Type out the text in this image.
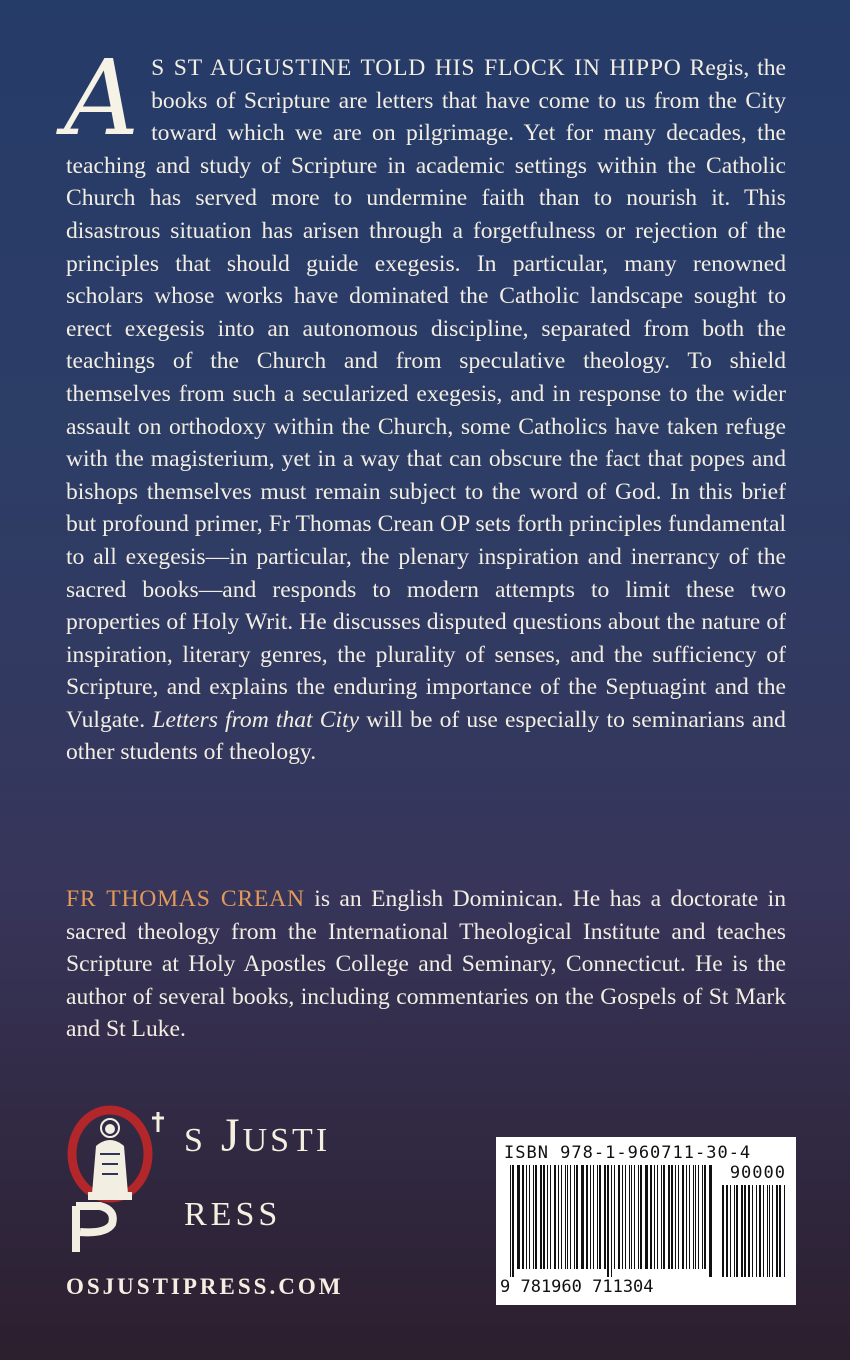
A S ST AUGUSTINE TOLD HIS FLOCK IN HIPPO Regis, the books of Scripture are letters that have come to us from the City toward which we are on pilgrimage. Yet for many decades, the teaching and study of Scripture in academic settings within the Catholic Church has served more to undermine faith than to nourish it. This disastrous situation has arisen through a forgetfulness or rejection of the principles that should guide exegesis. In particular, many renowned scholars whose works have dominated the Catholic landscape sought to erect exegesis into an autonomous discipline, separated from both the teachings of the Church and from speculative theology. To shield themselves from such a secularized exegesis, and in response to the wider assault on orthodoxy within the Church, some Catholics have taken refuge with the magisterium, yet in a way that can obscure the fact that popes and bishops themselves must remain subject to the word of God. In this brief but profound primer, Fr Thomas Crean OP sets forth principles fundamental to all exegesis—in particular, the plenary inspiration and inerrancy of the sacred books—and responds to modern attempts to limit these two properties of Holy Writ. He discusses disputed questions about the nature of inspiration, literary genres, the plurality of senses, and the sufficiency of Scripture, and explains the enduring importance of the Septuagint and the Vulgate. Letters from that City will be of use especially to seminarians and other students of theology.

FR THOMAS CREAN is an English Dominican. He has a doctorate in sacred theology from the International Theological Institute and teaches Scripture at Holy Apostles College and Seminary, Connecticut. He is the author of several books, including commentaries on the Gospels of St Mark and St Luke.

s Justi
ress
OSJUSTIPRESS.COM
ISBN 978-1-960711-30-4
90000
9 781960 711304
